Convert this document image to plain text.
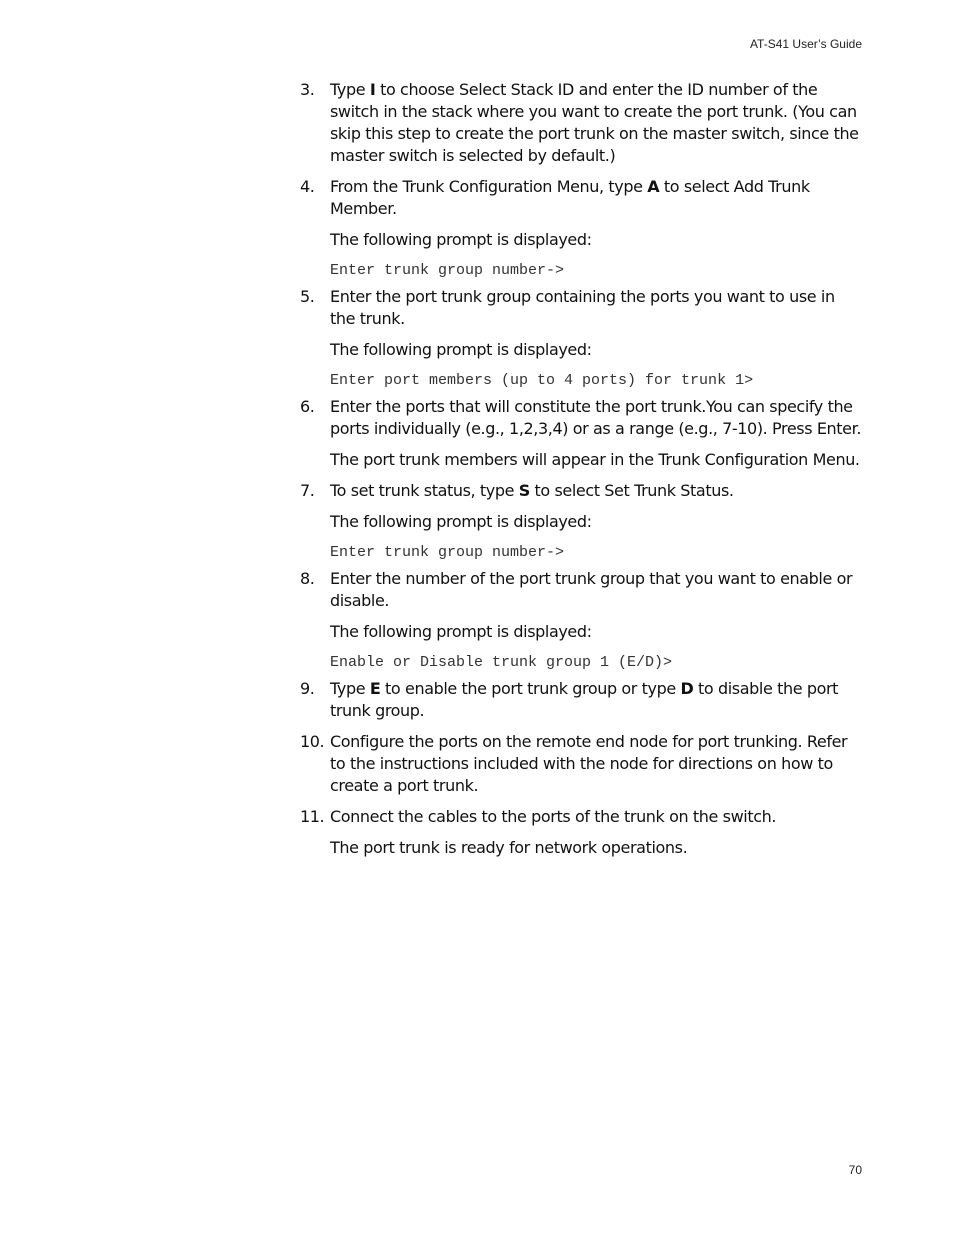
AT-S41 User’s Guide
3. Type I to choose Select Stack ID and enter the ID number of the switch in the stack where you want to create the port trunk. (You can skip this step to create the port trunk on the master switch, since the master switch is selected by default.)
4. From the Trunk Configuration Menu, type A to select Add Trunk Member.

The following prompt is displayed:

Enter trunk group number->
5. Enter the port trunk group containing the ports you want to use in the trunk.

The following prompt is displayed:

Enter port members (up to 4 ports) for trunk 1>
6. Enter the ports that will constitute the port trunk.You can specify the ports individually (e.g., 1,2,3,4) or as a range (e.g., 7-10). Press Enter.

The port trunk members will appear in the Trunk Configuration Menu.

7. To set trunk status, type S to select Set Trunk Status.

The following prompt is displayed:

Enter trunk group number->
8. Enter the number of the port trunk group that you want to enable or disable.

The following prompt is displayed:

Enable or Disable trunk group 1 (E/D)>
9. Type E to enable the port trunk group or type D to disable the port trunk group.
10. Configure the ports on the remote end node for port trunking. Refer to the instructions included with the node for directions on how to create a port trunk.
11. Connect the cables to the ports of the trunk on the switch.

The port trunk is ready for network operations.

70
